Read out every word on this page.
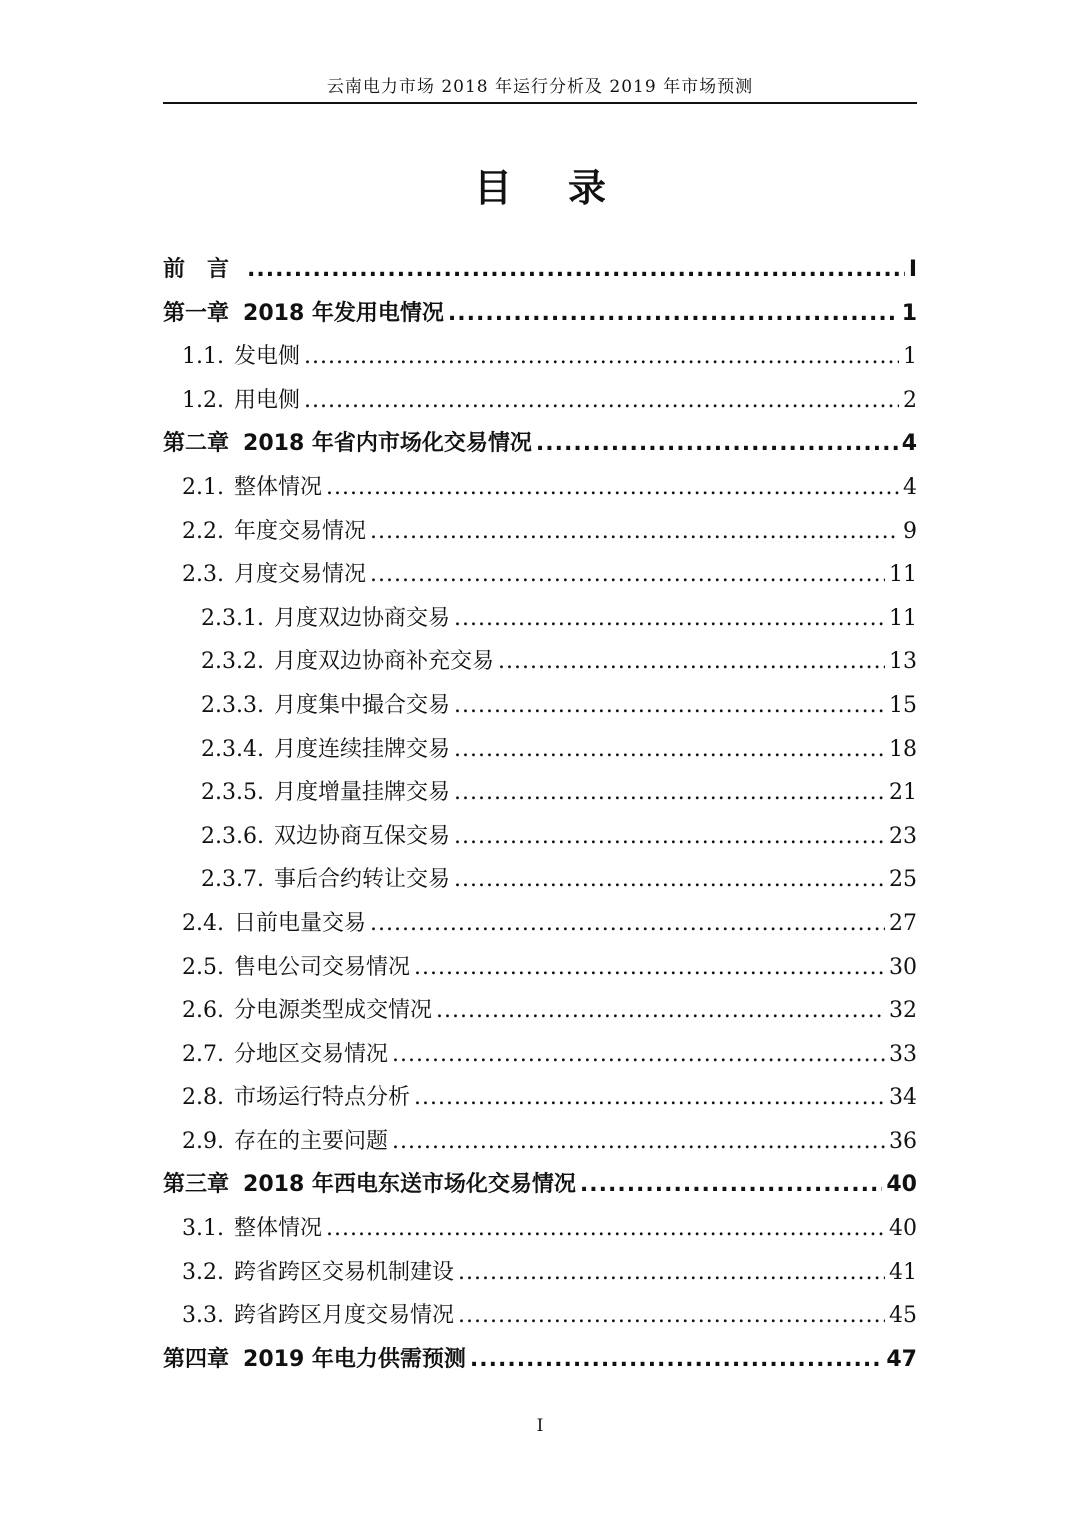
云南电力市场 2018 年运行分析及 2019 年市场预测
目 录
前　言 .....	I
第一章 2018 年发用电情况 .....	1
1.1. 发电侧 .....	1
1.2. 用电侧 .....	2
第二章 2018 年省内市场化交易情况 .....	4
2.1. 整体情况 .....	4
2.2. 年度交易情况 .....	9
2.3. 月度交易情况 .....	11
2.3.1. 月度双边协商交易 .....	11
2.3.2. 月度双边协商补充交易 .....	13
2.3.3. 月度集中撮合交易 .....	15
2.3.4. 月度连续挂牌交易 .....	18
2.3.5. 月度增量挂牌交易 .....	21
2.3.6. 双边协商互保交易 .....	23
2.3.7. 事后合约转让交易 .....	25
2.4. 日前电量交易 .....	27
2.5. 售电公司交易情况 .....	30
2.6. 分电源类型成交情况 .....	32
2.7. 分地区交易情况 .....	33
2.8. 市场运行特点分析 .....	34
2.9. 存在的主要问题 .....	36
第三章 2018 年西电东送市场化交易情况 .....	40
3.1. 整体情况 .....	40
3.2. 跨省跨区交易机制建设 .....	41
3.3. 跨省跨区月度交易情况 .....	45
第四章 2019 年电力供需预测 .....	47
I
